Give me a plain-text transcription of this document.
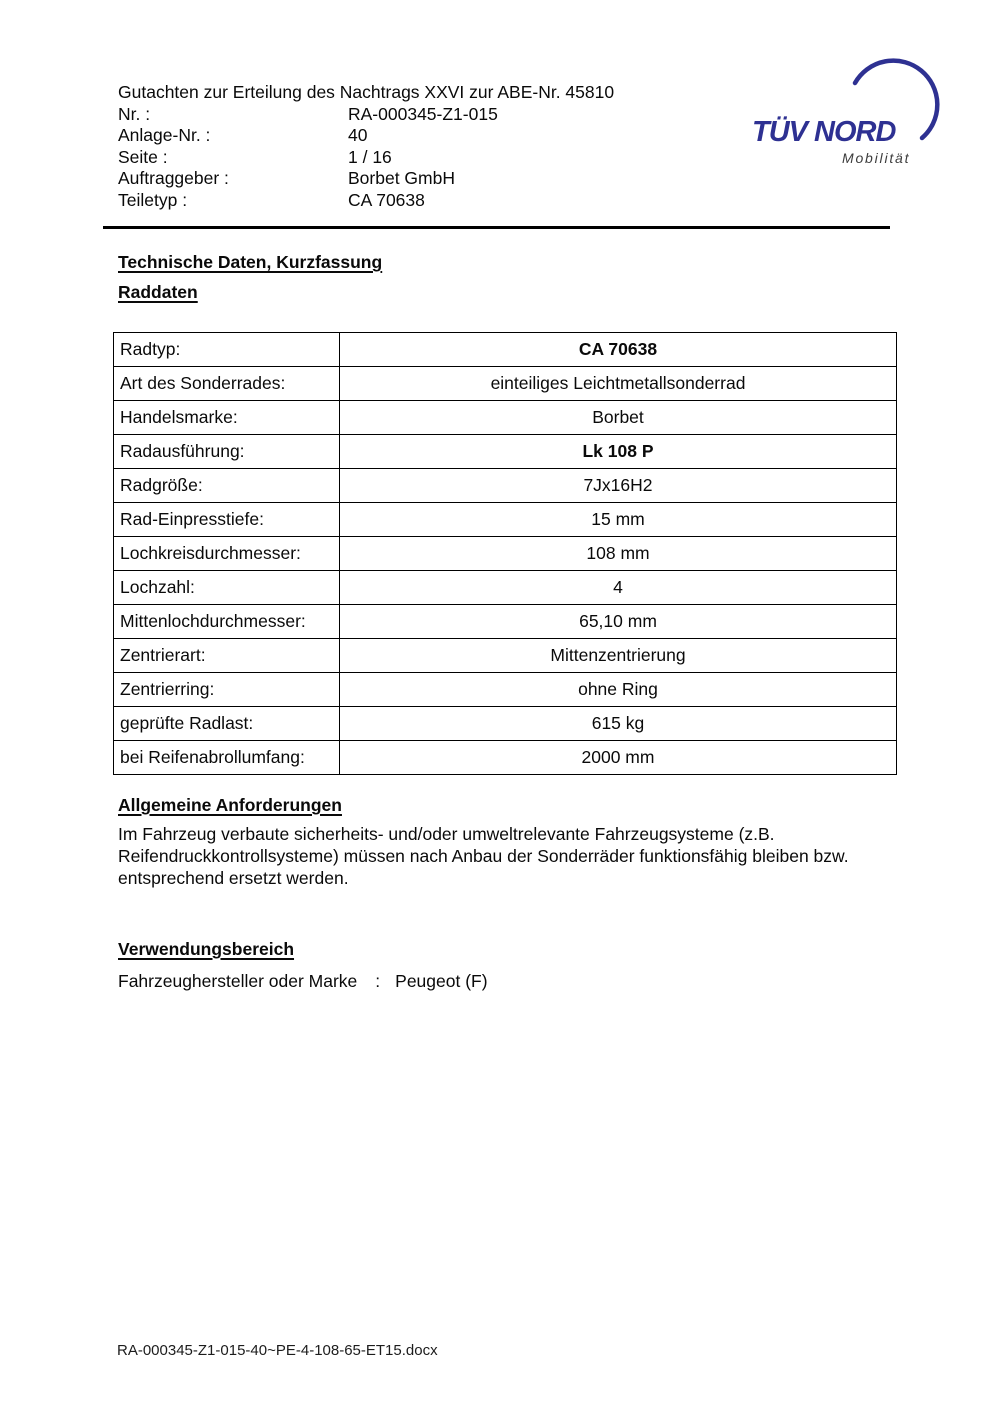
Gutachten zur Erteilung des Nachtrags XXVI zur ABE-Nr. 45810
Nr. :	RA-000345-Z1-015
Anlage-Nr. :	40
Seite :	1 / 16
Auftraggeber :	Borbet GmbH
Teiletyp :	CA 70638
TÜV NORD
Mobilität
Technische Daten, Kurzfassung
Raddaten
Radtyp:	CA 70638
Art des Sonderrades:	einteiliges Leichtmetallsonderrad
Handelsmarke:	Borbet
Radausführung:	Lk 108 P
Radgröße:	7Jx16H2
Rad-Einpresstiefe:	15 mm
Lochkreisdurchmesser:	108 mm
Lochzahl:	4
Mittenlochdurchmesser:	65,10 mm
Zentrierart:	Mittenzentrierung
Zentrierring:	ohne Ring
geprüfte Radlast:	615 kg
bei Reifenabrollumfang:	2000 mm
Allgemeine Anforderungen

Im Fahrzeug verbaute sicherheits- und/oder umweltrelevante Fahrzeugsysteme (z.B. Reifendruckkontrollsysteme) müssen nach Anbau der Sonderräder funktionsfähig bleiben bzw. entsprechend ersetzt werden.

Verwendungsbereich
Fahrzeughersteller oder Marke : Peugeot (F)
RA-000345-Z1-015-40~PE-4-108-65-ET15.docx
